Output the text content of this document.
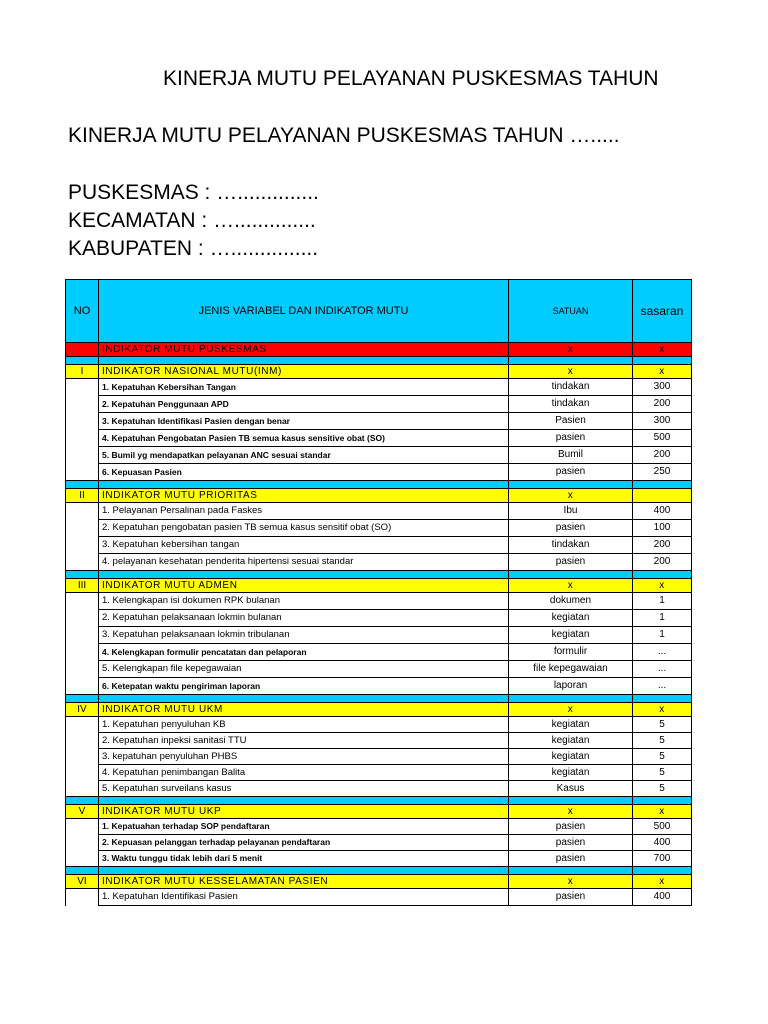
KINERJA MUTU PELAYANAN PUSKESMAS TAHUN
KINERJA MUTU PELAYANAN PUSKESMAS TAHUN ….....
PUSKESMAS : …..............
KECAMATAN : …..............
KABUPATEN : …...............
NO	JENIS VARIABEL DAN INDIKATOR MUTU	SATUAN	sasaran
	INDIKATOR MUTU PUSKESMAS	x	x

I	INDIKATOR NASIONAL MUTU(INM)	x	x
	1. Kepatuhan Kebersihan Tangan	tindakan	300
	2. Kepatuhan Penggunaan APD	tindakan	200
	3. Kepatuhan Identifikasi Pasien dengan benar	Pasien	300
	4. Kepatuhan Pengobatan Pasien TB semua kasus sensitive obat (SO)	pasien	500
	5. Bumil yg mendapatkan pelayanan ANC sesuai standar	Bumil	200
	6. Kepuasan Pasien	pasien	250

II	INDIKATOR MUTU PRIORITAS	x	
	1. Pelayanan Persalinan pada Faskes	Ibu	400
	2. Kepatuhan pengobatan pasien TB semua kasus sensitif obat (SO)	pasien	100
	3. Kepatuhan kebersihan tangan	tindakan	200
	4. pelayanan kesehatan penderita hipertensi sesuai standar	pasien	200

III	INDIKATOR MUTU ADMEN	x	x
	1. Kelengkapan isi dokumen RPK bulanan	dokumen	1
	2. Kepatuhan pelaksanaan lokmin bulanan	kegiatan	1
	3. Kepatuhan pelaksanaan lokmin tribulanan	kegiatan	1
	4. Kelengkapan formulir pencatatan dan pelaporan	formulir	...
	5. Kelengkapan file kepegawaian	file kepegawaian	...
	6. Ketepatan waktu pengiriman laporan	laporan	...

IV	INDIKATOR MUTU UKM	x	x
	1. Kepatuhan penyuluhan KB	kegiatan	5
	2. Kepatuhan inpeksi sanitasi TTU	kegiatan	5
	3. kepatuhan penyuluhan PHBS	kegiatan	5
	4. Kepatuhan penimbangan Balita	kegiatan	5
	5. Kepatuhan surveilans kasus	Kasus	5

V	INDIKATOR MUTU UKP	x	x
	1. Kepatuahan terhadap SOP pendaftaran	pasien	500
	2. Kepuasan pelanggan terhadap pelayanan pendaftaran	pasien	400
	3. Waktu tunggu tidak lebih dari 5 menit	pasien	700

VI	INDIKATOR MUTU KESSELAMATAN PASIEN	x	x
	1. Kepatuhan Identifikasi Pasien	pasien	400
